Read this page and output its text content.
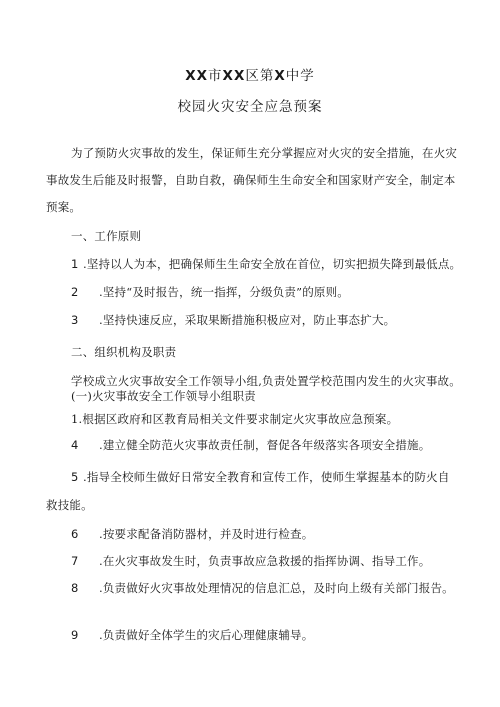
XX市XX区第X中学
校园火灾安全应急预案
为了预防火灾事故的发生，保证师生充分掌握应对火灾的安全措施，在火灾
事故发生后能及时报警，自助自救，确保师生生命安全和国家财产安全，制定本
预案。
一、工作原则
1 .坚持以人为本，把确保师生生命安全放在首位，切实把损失降到最低点。
2 .坚持“及时报告，统一指挥，分级负责”的原则。
3 .坚持快速反应，采取果断措施积极应对，防止事态扩大。
二、组织机构及职责
学校成立火灾事故安全工作领导小组,负责处置学校范围内发生的火灾事故。
(一)火灾事故安全工作领导小组职责
1.根据区政府和区教育局相关文件要求制定火灾事故应急预案。
4 .建立健全防范火灾事故责任制，督促各年级落实各项安全措施。
5 .指导全校师生做好日常安全教育和宣传工作，使师生掌握基本的防火自
救技能。
6 .按要求配备消防器材，并及时进行检查。
7 .在火灾事故发生时，负责事故应急救援的指挥协调、指导工作。
8 .负责做好火灾事故处理情况的信息汇总，及时向上级有关部门报告。
9 .负责做好全体学生的灾后心理健康辅导。
